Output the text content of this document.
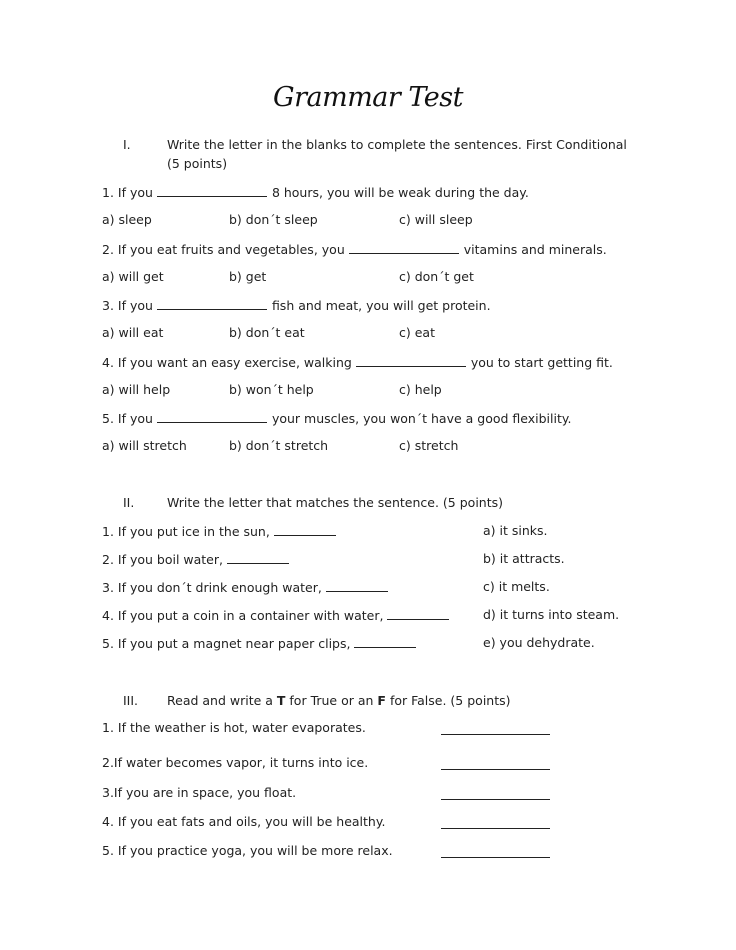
Grammar Test
I.	Write the letter in the blanks to complete the sentences. First Conditional (5 points)
1. If you	8 hours, you will be weak during the day.
a) sleep	b) don´t sleep	c) will sleep
2. If you eat fruits and vegetables, you	vitamins and minerals.
a) will get	b) get	c) don´t get
3. If you	fish and meat, you will get protein.
a) will eat	b) don´t eat	c) eat
4. If you want an easy exercise, walking	you to start getting fit.
a) will help	b) won´t help	c) help
5. If you	your muscles, you won´t have a good flexibility.
a) will stretch	b) don´t stretch	c) stretch
II.	Write the letter that matches the sentence. (5 points)
1. If you put ice in the sun,	a) it sinks.
2. If you boil water,	b) it attracts.
3. If you don´t drink enough water,	c) it melts.
4. If you put a coin in a container with water,	d) it turns into steam.
5. If you put a magnet near paper clips,	e) you dehydrate.
III. Read and write a T for True or an F for False. (5 points)
1. If the weather is hot, water evaporates.
2.If water becomes vapor, it turns into ice.
3.If you are in space, you float.
4. If you eat fats and oils, you will be healthy.
5. If you practice yoga, you will be more relax.
